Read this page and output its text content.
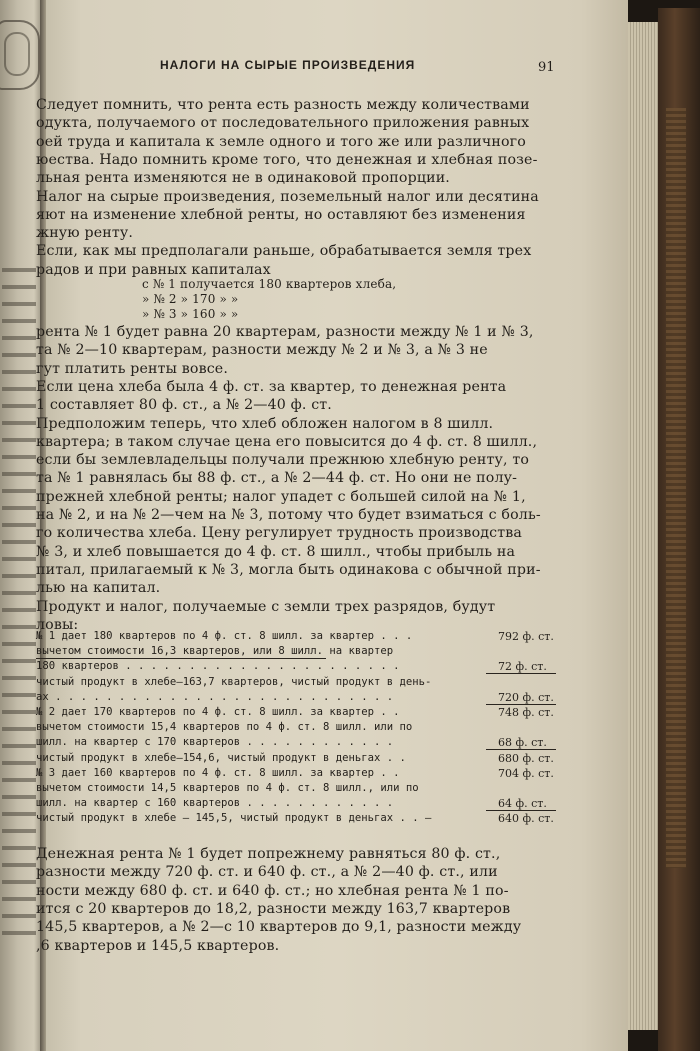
НАЛОГИ НА СЫРЫЕ ПРОИЗВЕДЕНИЯ	91
Следует помнить, что рента есть разность между количествами
одукта, получаемого от последовательного приложения равных
оей труда и капитала к земле одного и того же или различного
юества. Надо помнить кроме того, что денежная и хлебная позе-
льная рента изменяются не в одинаковой пропорции.
Налог на сырые произведения, поземельный налог или десятина
яют на изменение хлебной ренты, но оставляют без изменения
жную ренту.
Если, как мы предполагали раньше, обрабатывается земля трех
радов и при равных капиталах
с № 1 получается 180 квартеров хлеба,
» № 2 » 170 » »
» № 3 » 160 » »
рента № 1 будет равна 20 квартерам, разности между № 1 и № 3,
та № 2—10 квартерам, разности между № 2 и № 3, а № 3 не
гут платить ренты вовсе.
Если цена хлеба была 4 ф. ст. за квартер, то денежная рента
1 составляет 80 ф. ст., а № 2—40 ф. ст.
Предположим теперь, что хлеб обложен налогом в 8 шилл.
квартера; в таком случае цена его повысится до 4 ф. ст. 8 шилл.,
если бы землевладельцы получали прежнюю хлебную ренту, то
та № 1 равнялась бы 88 ф. ст., а № 2—44 ф. ст. Но они не полу-
прежней хлебной ренты; налог упадет с большей силой на № 1,
на № 2, и на № 2—чем на № 3, потому что будет взиматься с боль-
го количества хлеба. Цену регулирует трудность производства
№ 3, и хлеб повышается до 4 ф. ст. 8 шилл., чтобы прибыль на
питал, прилагаемый к № 3, могла быть одинакова с обычной при-
лью на капитал.
Продукт и налог, получаемые с земли трех разрядов, будут
ловы:
№ 1 дает 180 квартеров по 4 ф. ст. 8 шилл. за квартер . . .	792 ф. ст.
вычетом стоимости 16,3 квартеров, или 8 шилл. на квартер
180 квартеров . . . . . . . . . . . . . . . . . . . . . .	72 ф. ст.
чистый продукт в хлебе—163,7 квартеров, чистый продукт в день-
ах . . . . . . . . . . . . . . . . . . . . . . . . . . .	720 ф. ст.
№ 2 дает 170 квартеров по 4 ф. ст. 8 шилл. за квартер . .	748 ф. ст.
вычетом стоимости 15,4 квартеров по 4 ф. ст. 8 шилл. или по
шилл. на квартер с 170 квартеров . . . . . . . . . . . .	68 ф. ст.
чистый продукт в хлебе—154,6, чистый продукт в деньгах . .	680 ф. ст.
№ 3 дает 160 квартеров по 4 ф. ст. 8 шилл. за квартер . .	704 ф. ст.
вычетом стоимости 14,5 квартеров по 4 ф. ст. 8 шилл., или по
шилл. на квартер с 160 квартеров . . . . . . . . . . . .	64 ф. ст.
чистый продукт в хлебе — 145,5, чистый продукт в деньгах . . —	640 ф. ст.
Денежная рента № 1 будет попрежнему равняться 80 ф. ст.,
разности между 720 ф. ст. и 640 ф. ст., а № 2—40 ф. ст., или
ности между 680 ф. ст. и 640 ф. ст.; но хлебная рента № 1 по-
ится с 20 квартеров до 18,2, разности между 163,7 квартеров
145,5 квартеров, а № 2—с 10 квартеров до 9,1, разности между
,6 квартеров и 145,5 квартеров.
